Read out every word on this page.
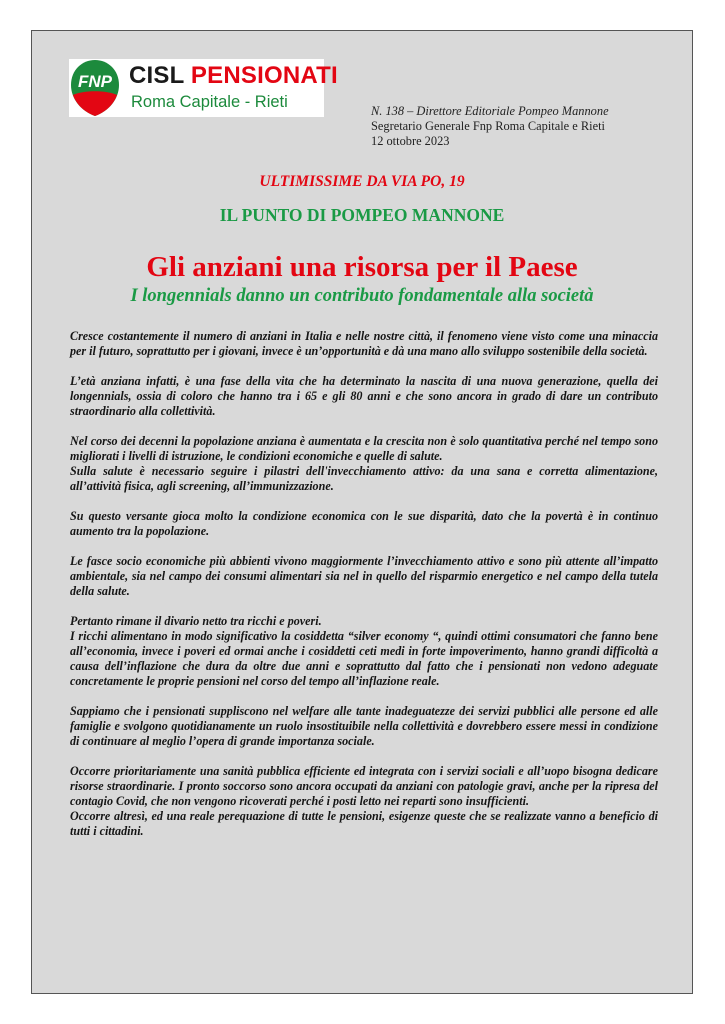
FNP CISL PENSIONATI
Roma Capitale - Rieti	N. 138 – Direttore Editoriale Pompeo Mannone
Segretario Generale Fnp Roma Capitale e Rieti
12 ottobre 2023
ULTIMISSIME DA VIA PO, 19
IL PUNTO DI POMPEO MANNONE
Gli anziani una risorsa per il Paese
I longennials danno un contributo fondamentale alla società

Cresce costantemente il numero di anziani in Italia e nelle nostre città, il fenomeno viene visto come una minaccia per il futuro, soprattutto per i giovani, invece è un’opportunità e dà una mano allo sviluppo sostenibile della società.

L’età anziana infatti, è una fase della vita che ha determinato la nascita di una nuova generazione, quella dei longennials, ossia di coloro che hanno tra i 65 e gli 80 anni e che sono ancora in grado di dare un contributo straordinario alla collettività.

Nel corso dei decenni la popolazione anziana è aumentata e la crescita non è solo quantitativa perché nel tempo sono migliorati i livelli di istruzione, le condizioni economiche e quelle di salute.
Sulla salute è necessario seguire i pilastri dell'invecchiamento attivo: da una sana e corretta alimentazione, all’attività fisica, agli screening, all’immunizzazione.

Su questo versante gioca molto la condizione economica con le sue disparità, dato che la povertà è in continuo aumento tra la popolazione.

Le fasce socio economiche più abbienti vivono maggiormente l’invecchiamento attivo e sono più attente all’impatto ambientale, sia nel campo dei consumi alimentari sia nel in quello del risparmio energetico e nel campo della tutela della salute.

Pertanto rimane il divario netto tra ricchi e poveri.
I ricchi alimentano in modo significativo la cosiddetta “silver economy “, quindi ottimi consumatori che fanno bene all’economia, invece i poveri ed ormai anche i cosiddetti ceti medi in forte impoverimento, hanno grandi difficoltà a causa dell’inflazione che dura da oltre due anni e soprattutto dal fatto che i pensionati non vedono adeguate concretamente le proprie pensioni nel corso del tempo all’inflazione reale.

Sappiamo che i pensionati suppliscono nel welfare alle tante inadeguatezze dei servizi pubblici alle persone ed alle famiglie e svolgono quotidianamente un ruolo insostituibile nella collettività e dovrebbero essere messi in condizione di continuare al meglio l’opera di grande importanza sociale.

Occorre prioritariamente una sanità pubblica efficiente ed integrata con i servizi sociali e all’uopo bisogna dedicare risorse straordinarie. I pronto soccorso sono ancora occupati da anziani con patologie gravi, anche per la ripresa del contagio Covid, che non vengono ricoverati perché i posti letto nei reparti sono insufficienti.
Occorre altresì, ed una reale perequazione di tutte le pensioni, esigenze queste che se realizzate vanno a beneficio di tutti i cittadini.
